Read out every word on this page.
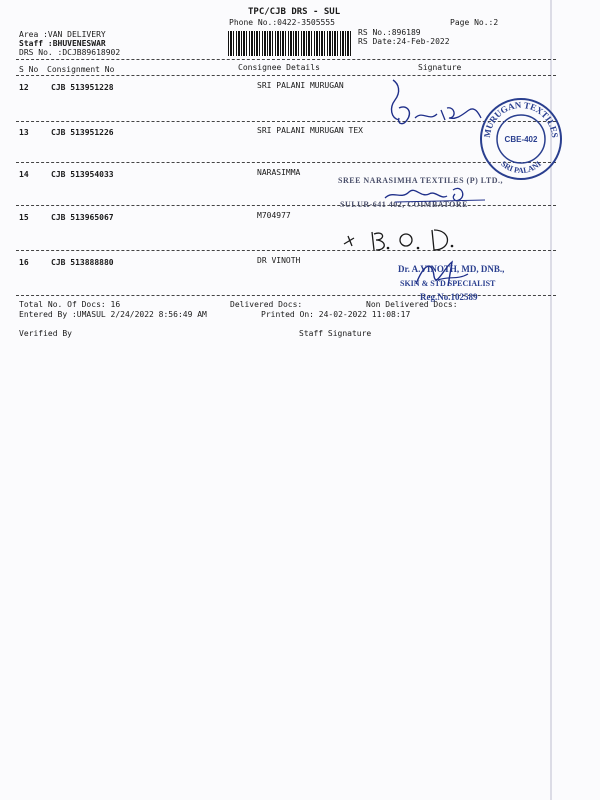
TPC/CJB DRS - SUL
Phone No.:0422-3505555
Area :VAN DELIVERY
Staff :BHUVENESWAR
DRS No. :DCJB89618902
RS No.:896189
RS Date:24-Feb-2022
Page No.:2
S No Consignment No	Consignee Details	Signature
12	CJB 513951228	SRI PALANI MURUGAN
13	CJB 513951226	SRI PALANI MURUGAN TEX
14	CJB 513954033	NARASIMMA
15	CJB 513965067	M704977
16	CJB 513888880	DR VINOTH
Total No. Of Docs: 16	Delivered Docs:	Non Delivered Docs:
Entered By :UMASUL 2/24/2022 8:56:49 AM	Printed On: 24-02-2022 11:08:17
Verified By	Staff Signature
MURUGAN TEXTILES
SRI PALANI
CBE-402
SREE NARASIMHA TEXTILES (P) LTD.,
SULUR-641 402, COIMBATORE
Dr. A.VINOTH, MD, DNB.,
SKIN & STD SPECIALIST
Reg.No.102589
